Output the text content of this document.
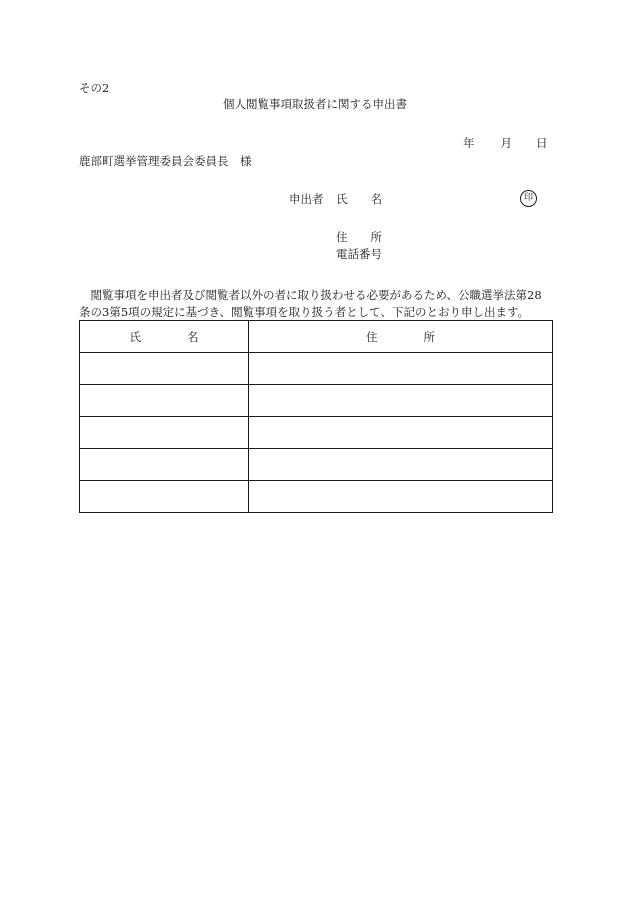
その2
個人閲覧事項取扱者に関する申出書
年 月 日
鹿部町選挙管理委員会委員長　様
申出者 氏　　名	印
住　　所
電話番号
　閲覧事項を申出者及び閲覧者以外の者に取り扱わせる必要があるため、公職選挙法第28
条の3第5項の規定に基づき、閲覧事項を取り扱う者として、下記のとおり申し出ます。
氏　　　　名	住　　　　所
